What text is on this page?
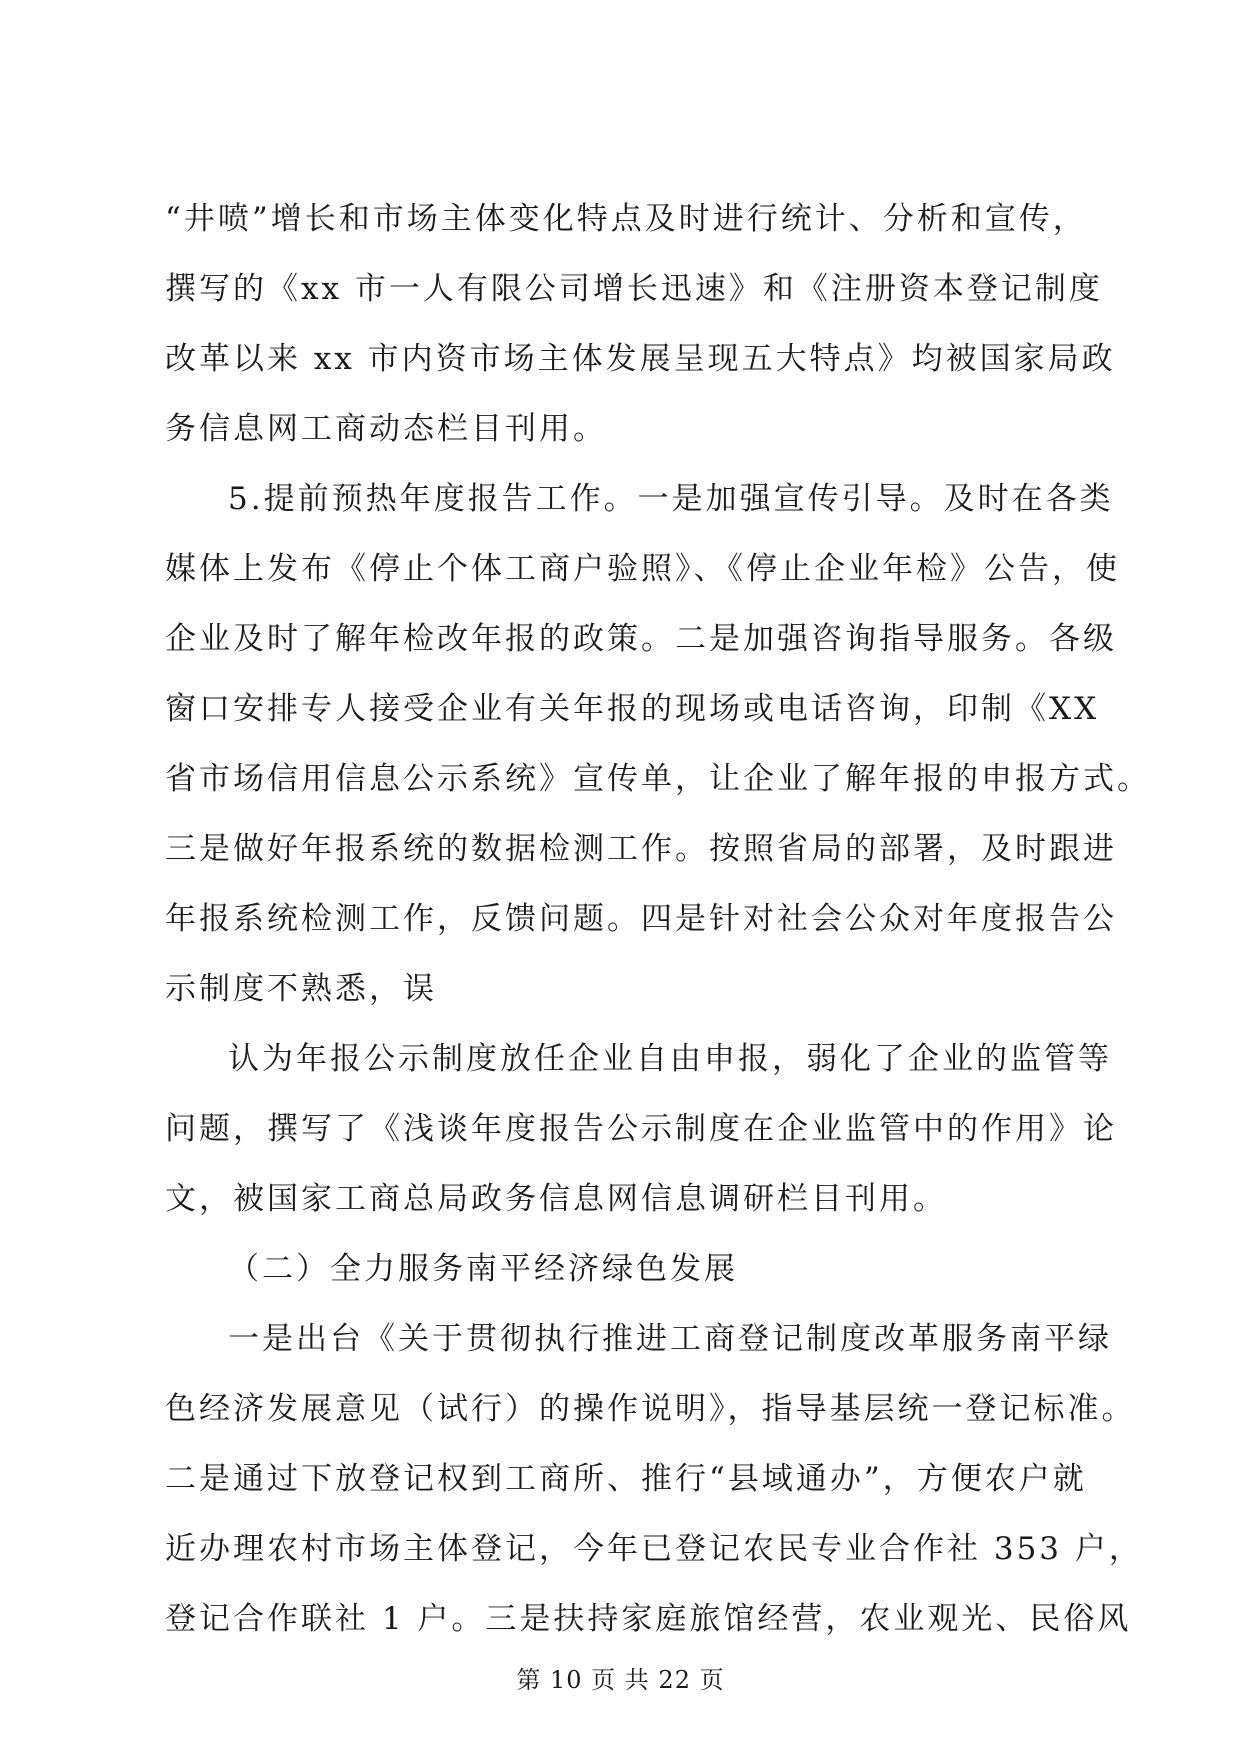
“井喷”增长和市场主体变化特点及时进行统计、分析和宣传，
撰写的《xx 市一人有限公司增长迅速》和《注册资本登记制度
改革以来 xx 市内资市场主体发展呈现五大特点》均被国家局政
务信息网工商动态栏目刊用。
5.提前预热年度报告工作。一是加强宣传引导。及时在各类
媒体上发布《停止个体工商户验照》、《停止企业年检》公告，使
企业及时了解年检改年报的政策。二是加强咨询指导服务。各级
窗口安排专人接受企业有关年报的现场或电话咨询，印制《XX
省市场信用信息公示系统》宣传单，让企业了解年报的申报方式。
三是做好年报系统的数据检测工作。按照省局的部署，及时跟进
年报系统检测工作，反馈问题。四是针对社会公众对年度报告公
示制度不熟悉，误
认为年报公示制度放任企业自由申报，弱化了企业的监管等
问题，撰写了《浅谈年度报告公示制度在企业监管中的作用》论
文，被国家工商总局政务信息网信息调研栏目刊用。
（二）全力服务南平经济绿色发展
一是出台《关于贯彻执行推进工商登记制度改革服务南平绿
色经济发展意见（试行）的操作说明》，指导基层统一登记标准。
二是通过下放登记权到工商所、推行“县域通办”，方便农户就
近办理农村市场主体登记，今年已登记农民专业合作社 353 户，
登记合作联社 1 户。三是扶持家庭旅馆经营，农业观光、民俗风
第 10 页 共 22 页
